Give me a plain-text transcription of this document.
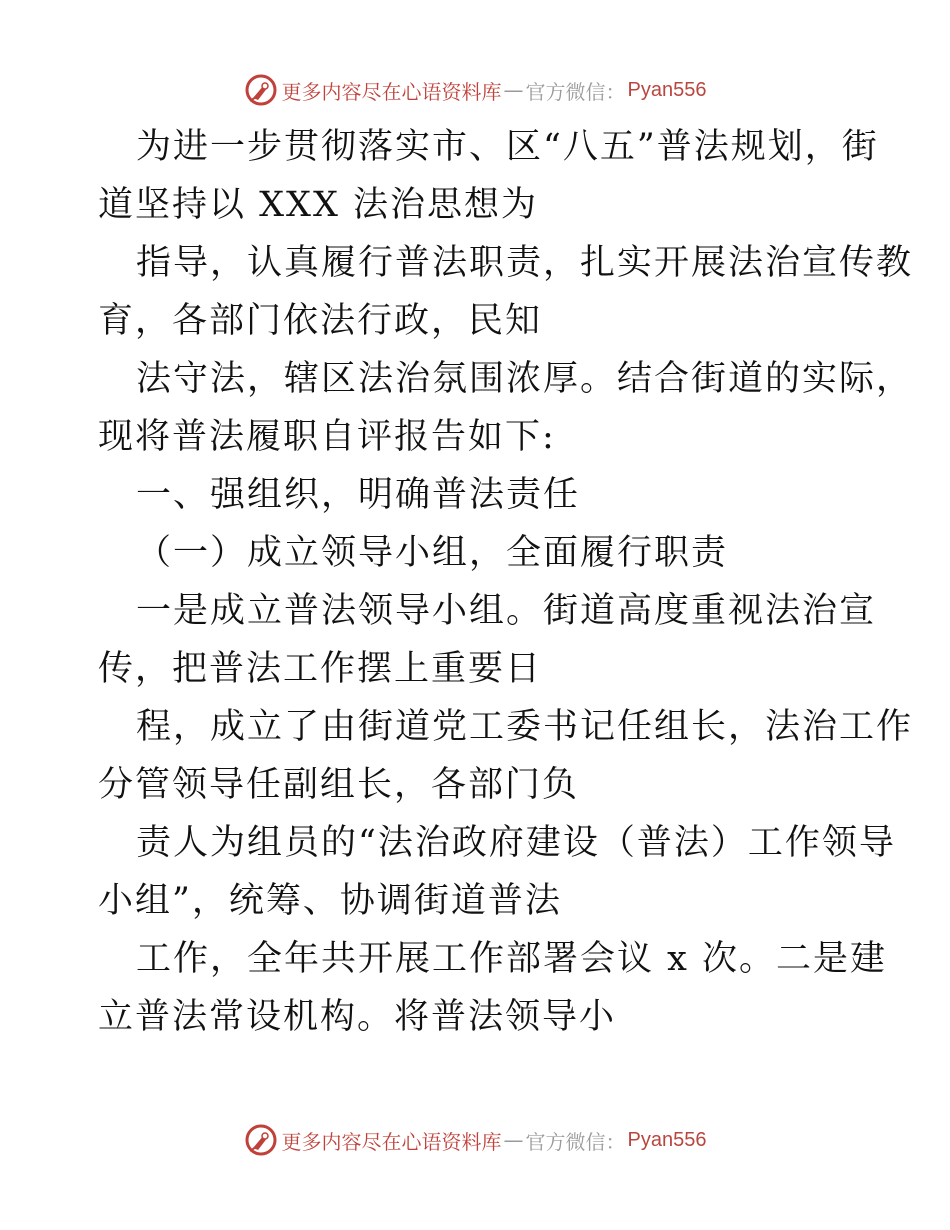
更多内容尽在心语资料库 — 官方微信： Pyan556
为进一步贯彻落实市、区“八五”普法规划，街
道坚持以 XXX 法治思想为
指导，认真履行普法职责，扎实开展法治宣传教
育，各部门依法行政，民知
法守法，辖区法治氛围浓厚。结合街道的实际，
现将普法履职自评报告如下:
一、强组织，明确普法责任
（一）成立领导小组，全面履行职责
一是成立普法领导小组。街道高度重视法治宣
传，把普法工作摆上重要日
程，成立了由街道党工委书记任组长，法治工作
分管领导任副组长，各部门负
责人为组员的“法治政府建设（普法）工作领导
小组”，统筹、协调街道普法
工作，全年共开展工作部署会议 x 次。二是建
立普法常设机构。将普法领导小
更多内容尽在心语资料库 — 官方微信： Pyan556
